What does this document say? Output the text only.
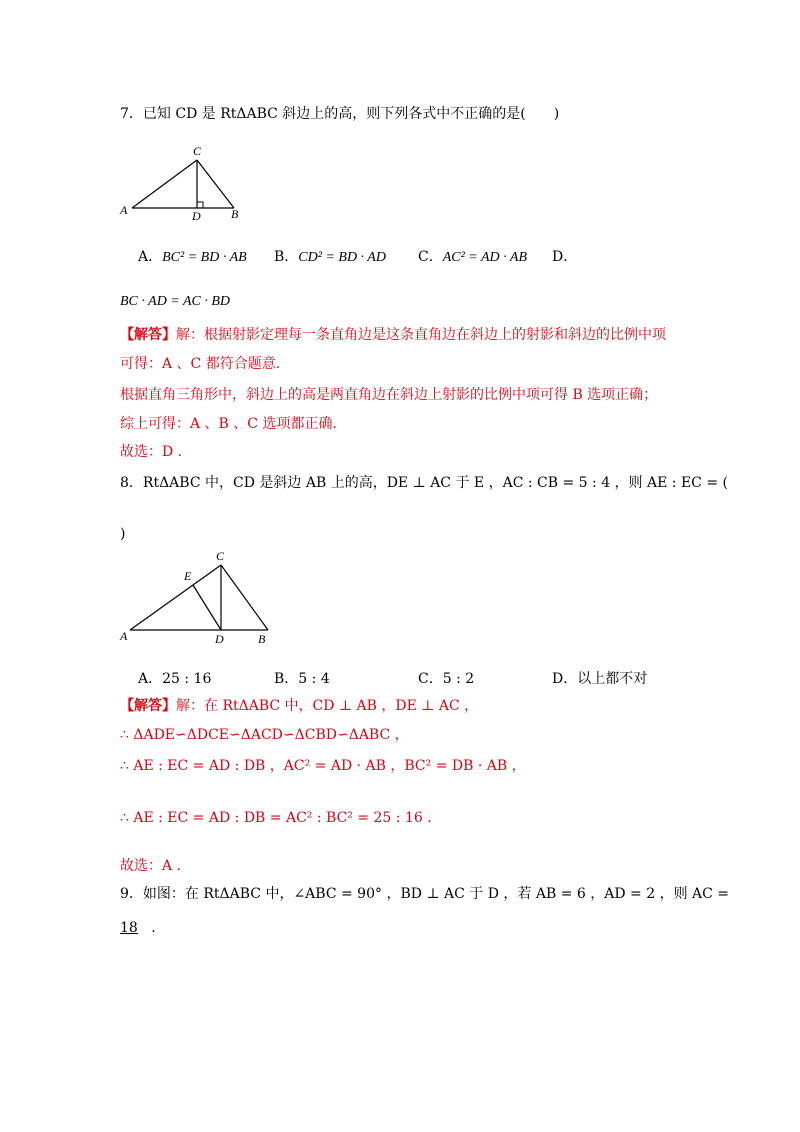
7．已知 CD 是 RtΔABC 斜边上的高，则下列各式中不正确的是(　　)
A
C
D	B
A．BC² = BD · AB B．CD² = BD · AD C．AC² = AD · AB D．
BC · AD = AC · BD
【解答】解：根据射影定理每一条直角边是这条直角边在斜边上的射影和斜边的比例中项
可得：A 、C 都符合题意.
根据直角三角形中，斜边上的高是两直角边在斜边上射影的比例中项可得 B 选项正确；
综上可得：A 、B 、C 选项都正确.
故选：D .
8．RtΔABC 中，CD 是斜边 AB 上的高，DE ⊥ AC 于 E ，AC : CB = 5 : 4 ，则 AE : EC = (
)
A
C
E
D	B
A．25 : 16	B．5 : 4	C．5 : 2	D．以上都不对
【解答】解：在 RtΔABC 中，CD ⊥ AB ，DE ⊥ AC ，
∴ ΔADE∽ΔDCE∽ΔACD∽ΔCBD∽ΔABC ，
∴ AE : EC = AD : DB ，AC² = AD · AB ，BC² = DB · AB ，
∴ AE : EC = AD : DB = AC² : BC² = 25 : 16 .
故选：A .
9．如图：在 RtΔABC 中，∠ABC = 90° ，BD ⊥ AC 于 D ，若 AB = 6 ，AD = 2 ，则 AC =
18 .
